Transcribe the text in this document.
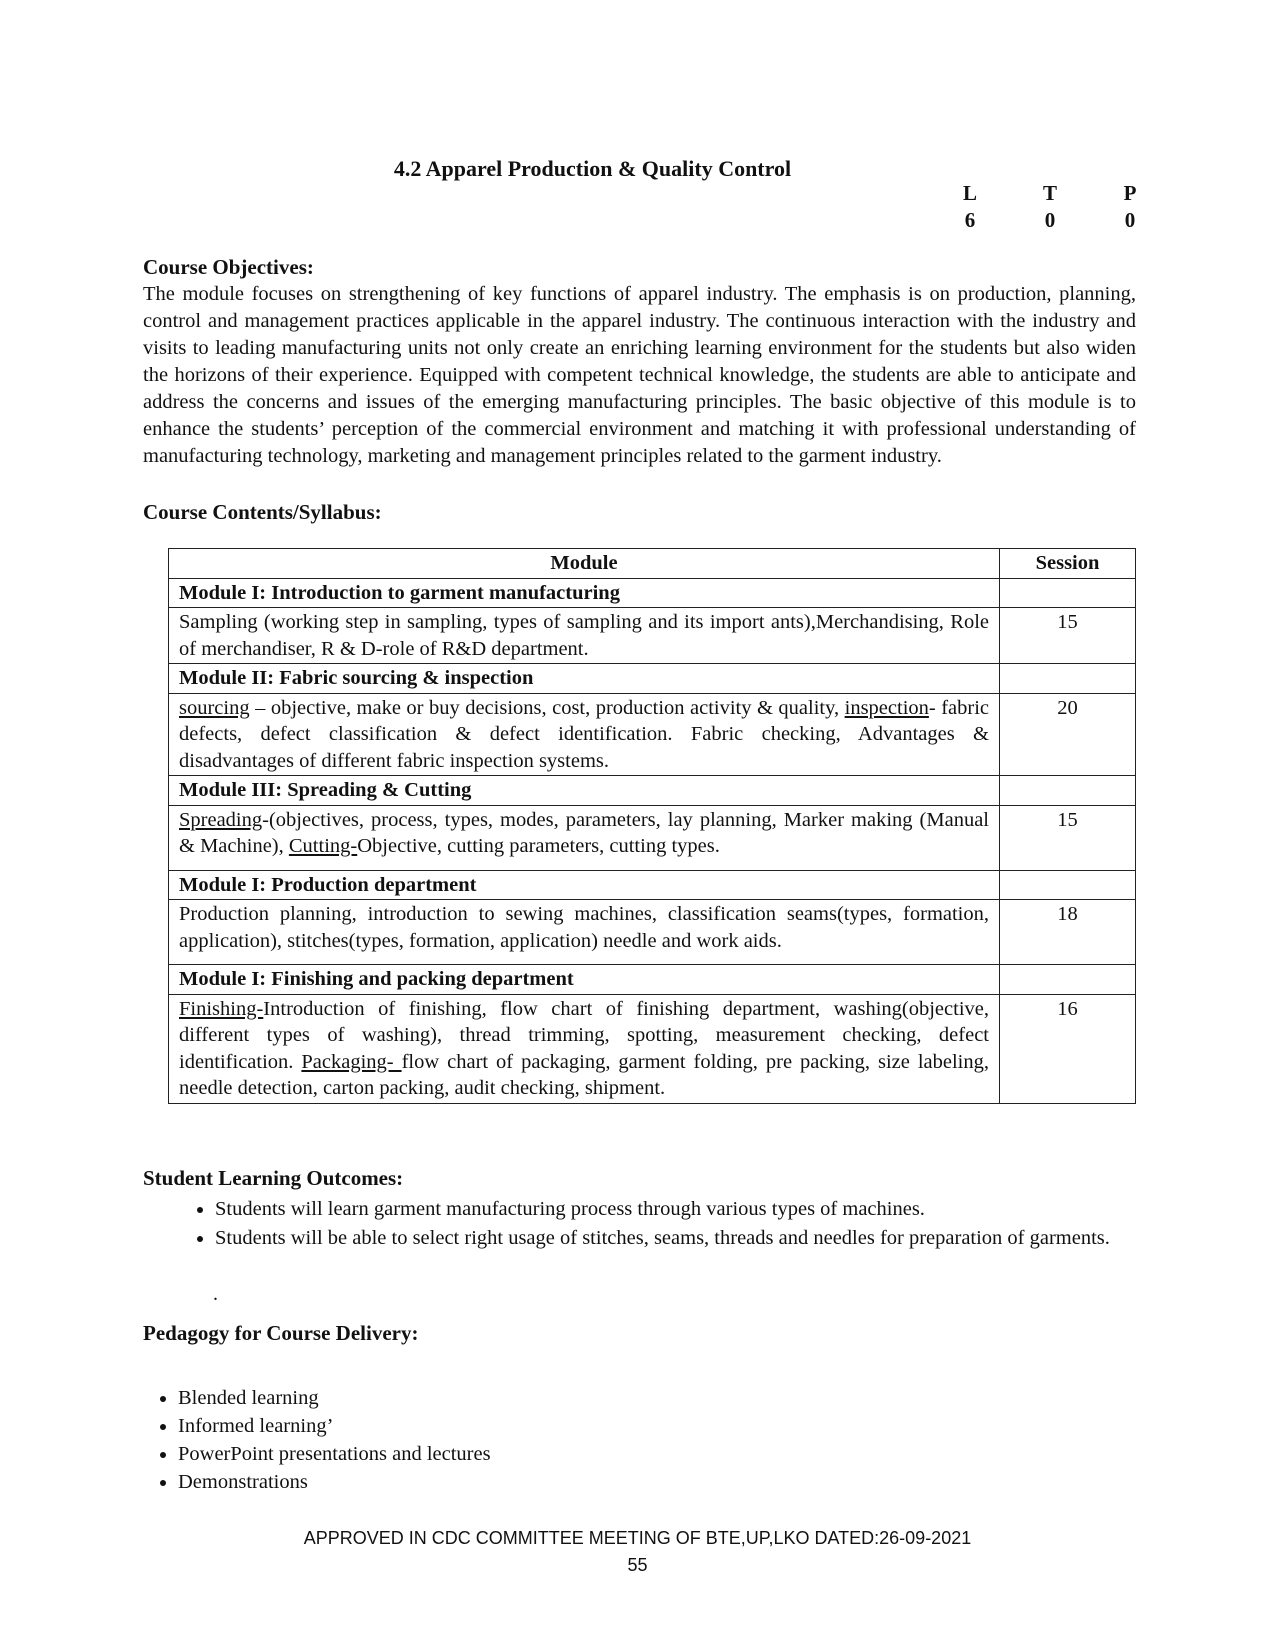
4.2 Apparel Production & Quality Control
L	T	P
6	0	0
Course Objectives:
The module focuses on strengthening of key functions of apparel industry. The emphasis is on production, planning, control and management practices applicable in the apparel industry. The continuous interaction with the industry and visits to leading manufacturing units not only create an enriching learning environment for the students but also widen the horizons of their experience. Equipped with competent technical knowledge, the students are able to anticipate and address the concerns and issues of the emerging manufacturing principles. The basic objective of this module is to enhance the students’ perception of the commercial environment and matching it with professional understanding of manufacturing technology, marketing and management principles related to the garment industry.
Course Contents/Syllabus:
Module	Session
Module I: Introduction to garment manufacturing	
Sampling (working step in sampling, types of sampling and its import ants),Merchandising, Role of merchandiser, R & D-role of R&D department.	15
Module II: Fabric sourcing & inspection	
sourcing – objective, make or buy decisions, cost, production activity & quality, inspection- fabric defects, defect classification & defect identification. Fabric checking, Advantages & disadvantages of different fabric inspection systems.	20
Module III: Spreading & Cutting	
Spreading-(objectives, process, types, modes, parameters, lay planning, Marker making (Manual & Machine), Cutting-Objective, cutting parameters, cutting types.	15
Module I: Production department	
Production planning, introduction to sewing machines, classification seams(types, formation, application), stitches(types, formation, application) needle and work aids.	18
Module I: Finishing and packing department	
Finishing-Introduction of finishing, flow chart of finishing department, washing(objective, different types of washing), thread trimming, spotting, measurement checking, defect identification. Packaging- flow chart of packaging, garment folding, pre packing, size labeling, needle detection, carton packing, audit checking, shipment.	16
Student Learning Outcomes:
• Students will learn garment manufacturing process through various types of machines.
• Students will be able to select right usage of stitches, seams, threads and needles for preparation of garments.
.
Pedagogy for Course Delivery:
• Blended learning
• Informed learning’
• PowerPoint presentations and lectures
• Demonstrations
APPROVED IN CDC COMMITTEE MEETING OF BTE,UP,LKO DATED:26-09-2021
55
